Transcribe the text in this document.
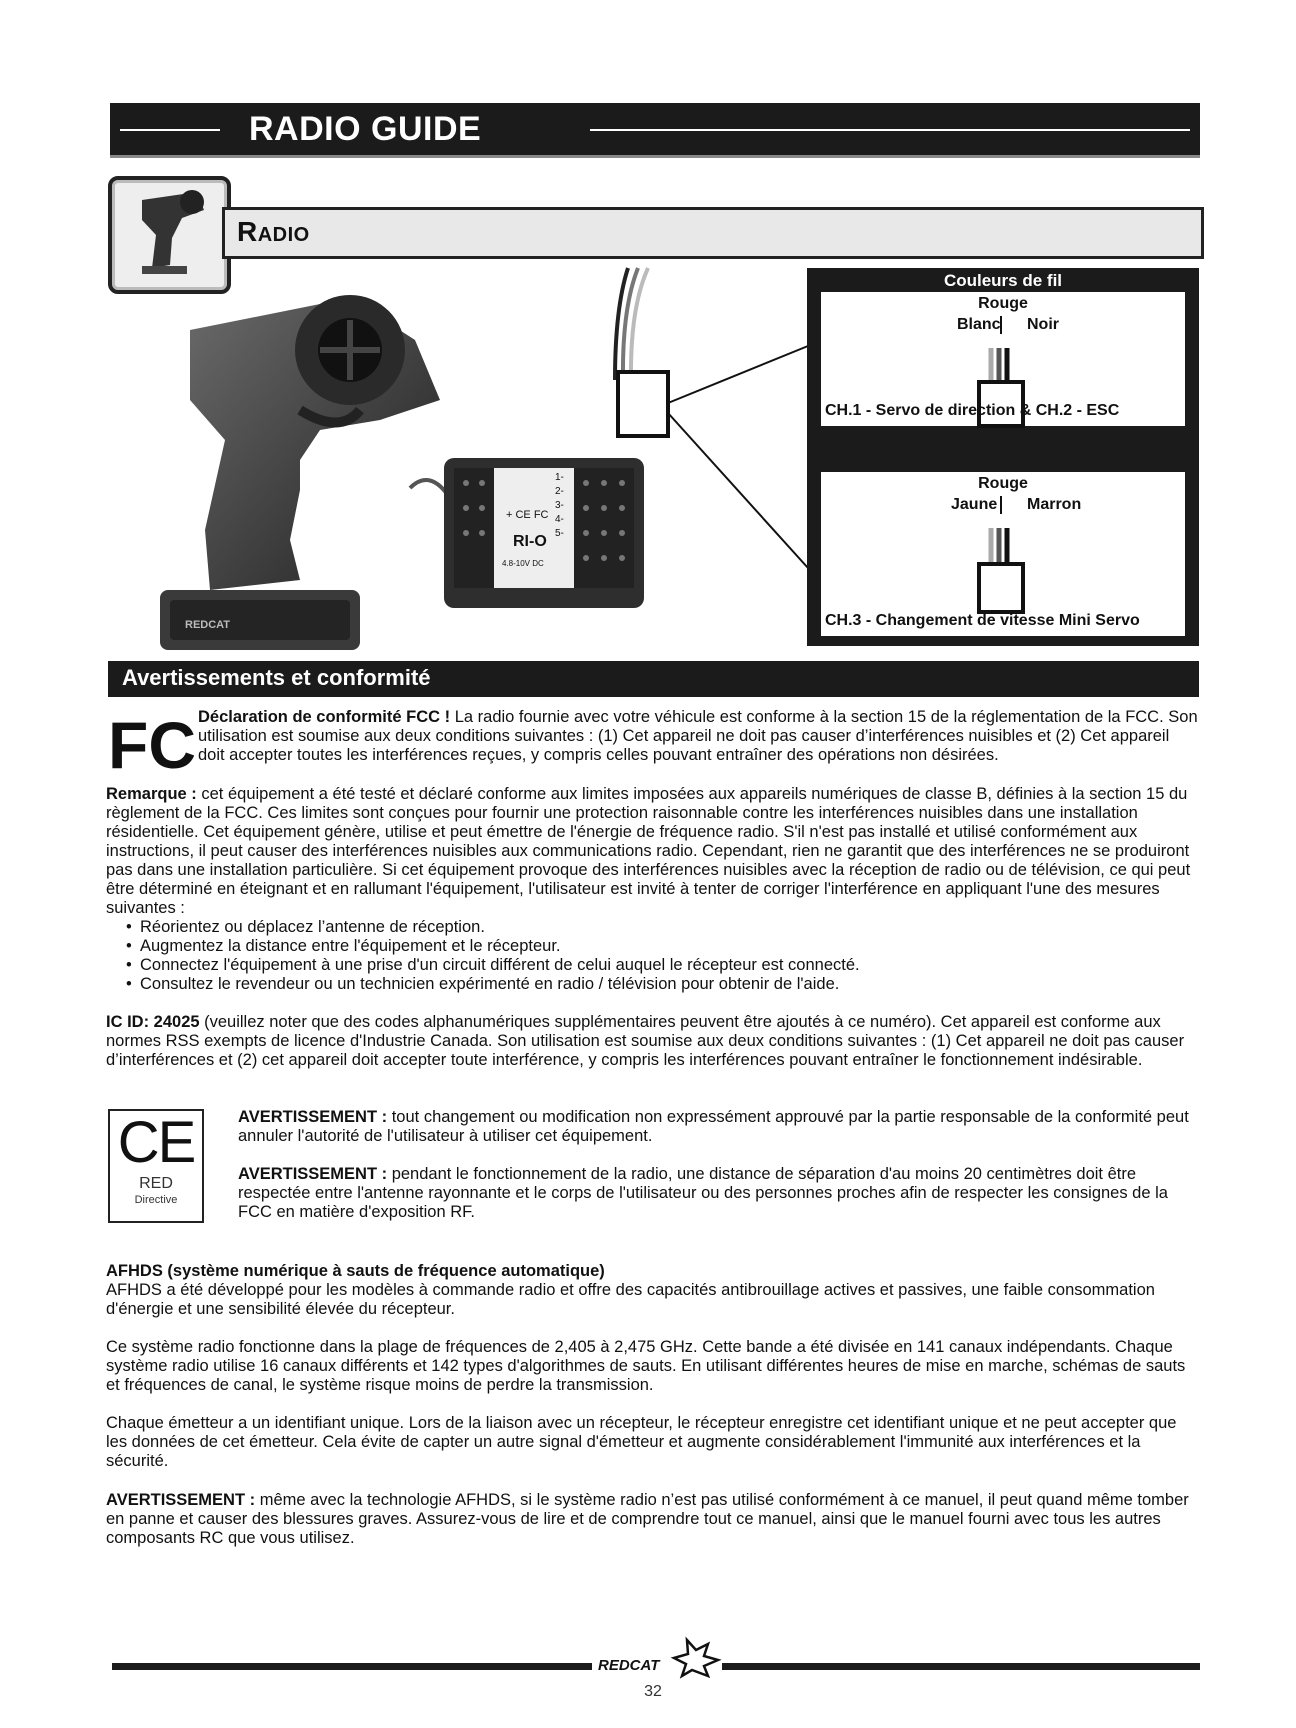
RADIO GUIDE
Radio
REDCAT
+ CE FC
RI-O
4.8-10V DC
1-
2-
3-
4-
5-
Couleurs de fil
Rouge
Blanc Noir
CH.1 - Servo de direction & CH.2 - ESC
Rouge
Jaune Marron
CH.3 - Changement de vitesse Mini Servo
Avertissements et conformité
FC Déclaration de conformité FCC ! La radio fournie avec votre véhicule est conforme à la section 15 de la réglementation de la FCC. Son utilisation est soumise aux deux conditions suivantes : (1) Cet appareil ne doit pas causer d’interférences nuisibles et (2) Cet appareil doit accepter toutes les interférences reçues, y compris celles pouvant entraîner des opérations non désirées.
Remarque : cet équipement a été testé et déclaré conforme aux limites imposées aux appareils numériques de classe B, définies à la section 15 du règlement de la FCC. Ces limites sont conçues pour fournir une protection raisonnable contre les interférences nuisibles dans une installation résidentielle. Cet équipement génère, utilise et peut émettre de l'énergie de fréquence radio. S'il n'est pas installé et utilisé conformément aux instructions, il peut causer des interférences nuisibles aux communications radio. Cependant, rien ne garantit que des interférences ne se produiront pas dans une installation particulière. Si cet équipement provoque des interférences nuisibles avec la réception de radio ou de télévision, ce qui peut être déterminé en éteignant et en rallumant l'équipement, l'utilisateur est invité à tenter de corriger l'interférence en appliquant l'une des mesures suivantes :
• Réorientez ou déplacez l’antenne de réception.
• Augmentez la distance entre l'équipement et le récepteur.
• Connectez l'équipement à une prise d'un circuit différent de celui auquel le récepteur est connecté.
• Consultez le revendeur ou un technicien expérimenté en radio / télévision pour obtenir de l'aide.
IC ID: 24025 (veuillez noter que des codes alphanumériques supplémentaires peuvent être ajoutés à ce numéro). Cet appareil est conforme aux normes RSS exempts de licence d'Industrie Canada. Son utilisation est soumise aux deux conditions suivantes : (1) Cet appareil ne doit pas causer d’interférences et (2) cet appareil doit accepter toute interférence, y compris les interférences pouvant entraîner le fonctionnement indésirable.
CE
RED
Directive
AVERTISSEMENT : tout changement ou modification non expressément approuvé par la partie responsable de la conformité peut annuler l'autorité de l'utilisateur à utiliser cet équipement.
AVERTISSEMENT : pendant le fonctionnement de la radio, une distance de séparation d'au moins 20 centimètres doit être respectée entre l'antenne rayonnante et le corps de l'utilisateur ou des personnes proches afin de respecter les consignes de la FCC en matière d'exposition RF.
AFHDS (système numérique à sauts de fréquence automatique)
AFHDS a été développé pour les modèles à commande radio et offre des capacités antibrouillage actives et passives, une faible consommation d'énergie et une sensibilité élevée du récepteur.
Ce système radio fonctionne dans la plage de fréquences de 2,405 à 2,475 GHz. Cette bande a été divisée en 141 canaux indépendants. Chaque système radio utilise 16 canaux différents et 142 types d'algorithmes de sauts. En utilisant différentes heures de mise en marche, schémas de sauts et fréquences de canal, le système risque moins de perdre la transmission.
Chaque émetteur a un identifiant unique. Lors de la liaison avec un récepteur, le récepteur enregistre cet identifiant unique et ne peut accepter que les données de cet émetteur. Cela évite de capter un autre signal d'émetteur et augmente considérablement l'immunité aux interférences et la sécurité.
AVERTISSEMENT : même avec la technologie AFHDS, si le système radio n’est pas utilisé conformément à ce manuel, il peut quand même tomber en panne et causer des blessures graves. Assurez-vous de lire et de comprendre tout ce manuel, ainsi que le manuel fourni avec tous les autres composants RC que vous utilisez.
REDCAT
32
